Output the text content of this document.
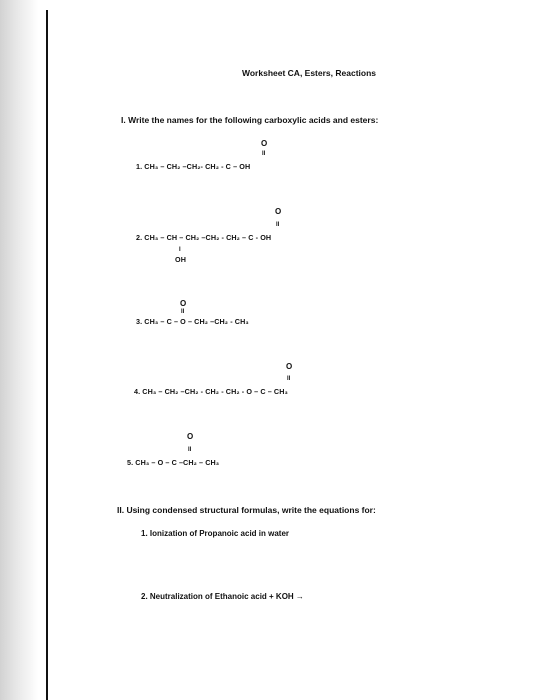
Worksheet CA, Esters, Reactions
I. Write the names for the following carboxylic acids and esters:
O
II
1. CH₃ – CH₂ –CH₂- CH₂ - C – OH
O
II
2. CH₃ – CH – CH₂ –CH₂ - CH₂ – C - OH
I
OH
O
II
3. CH₃ – C – O – CH₂ –CH₂ - CH₃
O
II
4. CH₃ – CH₂ –CH₂ - CH₂ - CH₂ - O – C – CH₃
O
II
5. CH₃ – O – C –CH₂ – CH₃
II. Using condensed structural formulas, write the equations for:
1. Ionization of Propanoic acid in water
2. Neutralization of Ethanoic acid + KOH →
